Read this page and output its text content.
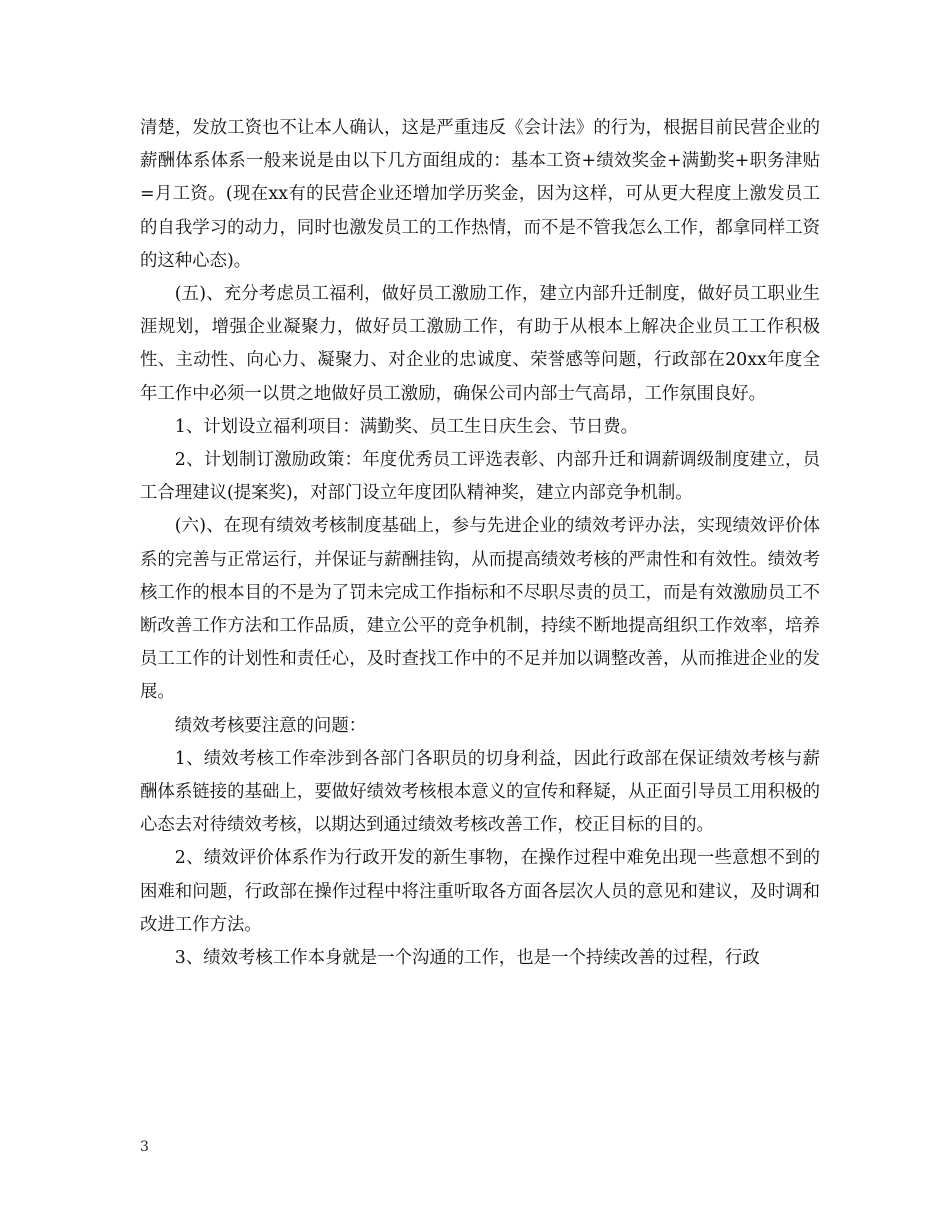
清楚，发放工资也不让本人确认，这是严重违反《会计法》的行为，根据目前民营企业的薪酬体系体系一般来说是由以下几方面组成的：基本工资+绩效奖金+满勤奖+职务津贴=月工资。(现在xx有的民营企业还增加学历奖金，因为这样，可从更大程度上激发员工的自我学习的动力，同时也激发员工的工作热情，而不是不管我怎么工作，都拿同样工资的这种心态)。

(五)、充分考虑员工福利，做好员工激励工作，建立内部升迁制度，做好员工职业生涯规划，增强企业凝聚力，做好员工激励工作，有助于从根本上解决企业员工工作积极性、主动性、向心力、凝聚力、对企业的忠诚度、荣誉感等问题，行政部在20xx年度全年工作中必须一以贯之地做好员工激励，确保公司内部士气高昂，工作氛围良好。

1、计划设立福利项目：满勤奖、员工生日庆生会、节日费。

2、计划制订激励政策：年度优秀员工评选表彰、内部升迁和调薪调级制度建立，员工合理建议(提案奖)，对部门设立年度团队精神奖，建立内部竞争机制。

(六)、在现有绩效考核制度基础上，参与先进企业的绩效考评办法，实现绩效评价体系的完善与正常运行，并保证与薪酬挂钩，从而提高绩效考核的严肃性和有效性。绩效考核工作的根本目的不是为了罚未完成工作指标和不尽职尽责的员工，而是有效激励员工不断改善工作方法和工作品质，建立公平的竞争机制，持续不断地提高组织工作效率，培养员工工作的计划性和责任心，及时查找工作中的不足并加以调整改善，从而推进企业的发展。

绩效考核要注意的问题：

1、绩效考核工作牵涉到各部门各职员的切身利益，因此行政部在保证绩效考核与薪酬体系链接的基础上，要做好绩效考核根本意义的宣传和释疑，从正面引导员工用积极的心态去对待绩效考核，以期达到通过绩效考核改善工作，校正目标的目的。

2、绩效评价体系作为行政开发的新生事物，在操作过程中难免出现一些意想不到的困难和问题，行政部在操作过程中将注重听取各方面各层次人员的意见和建议，及时调和改进工作方法。

3、绩效考核工作本身就是一个沟通的工作，也是一个持续改善的过程，行政

3
